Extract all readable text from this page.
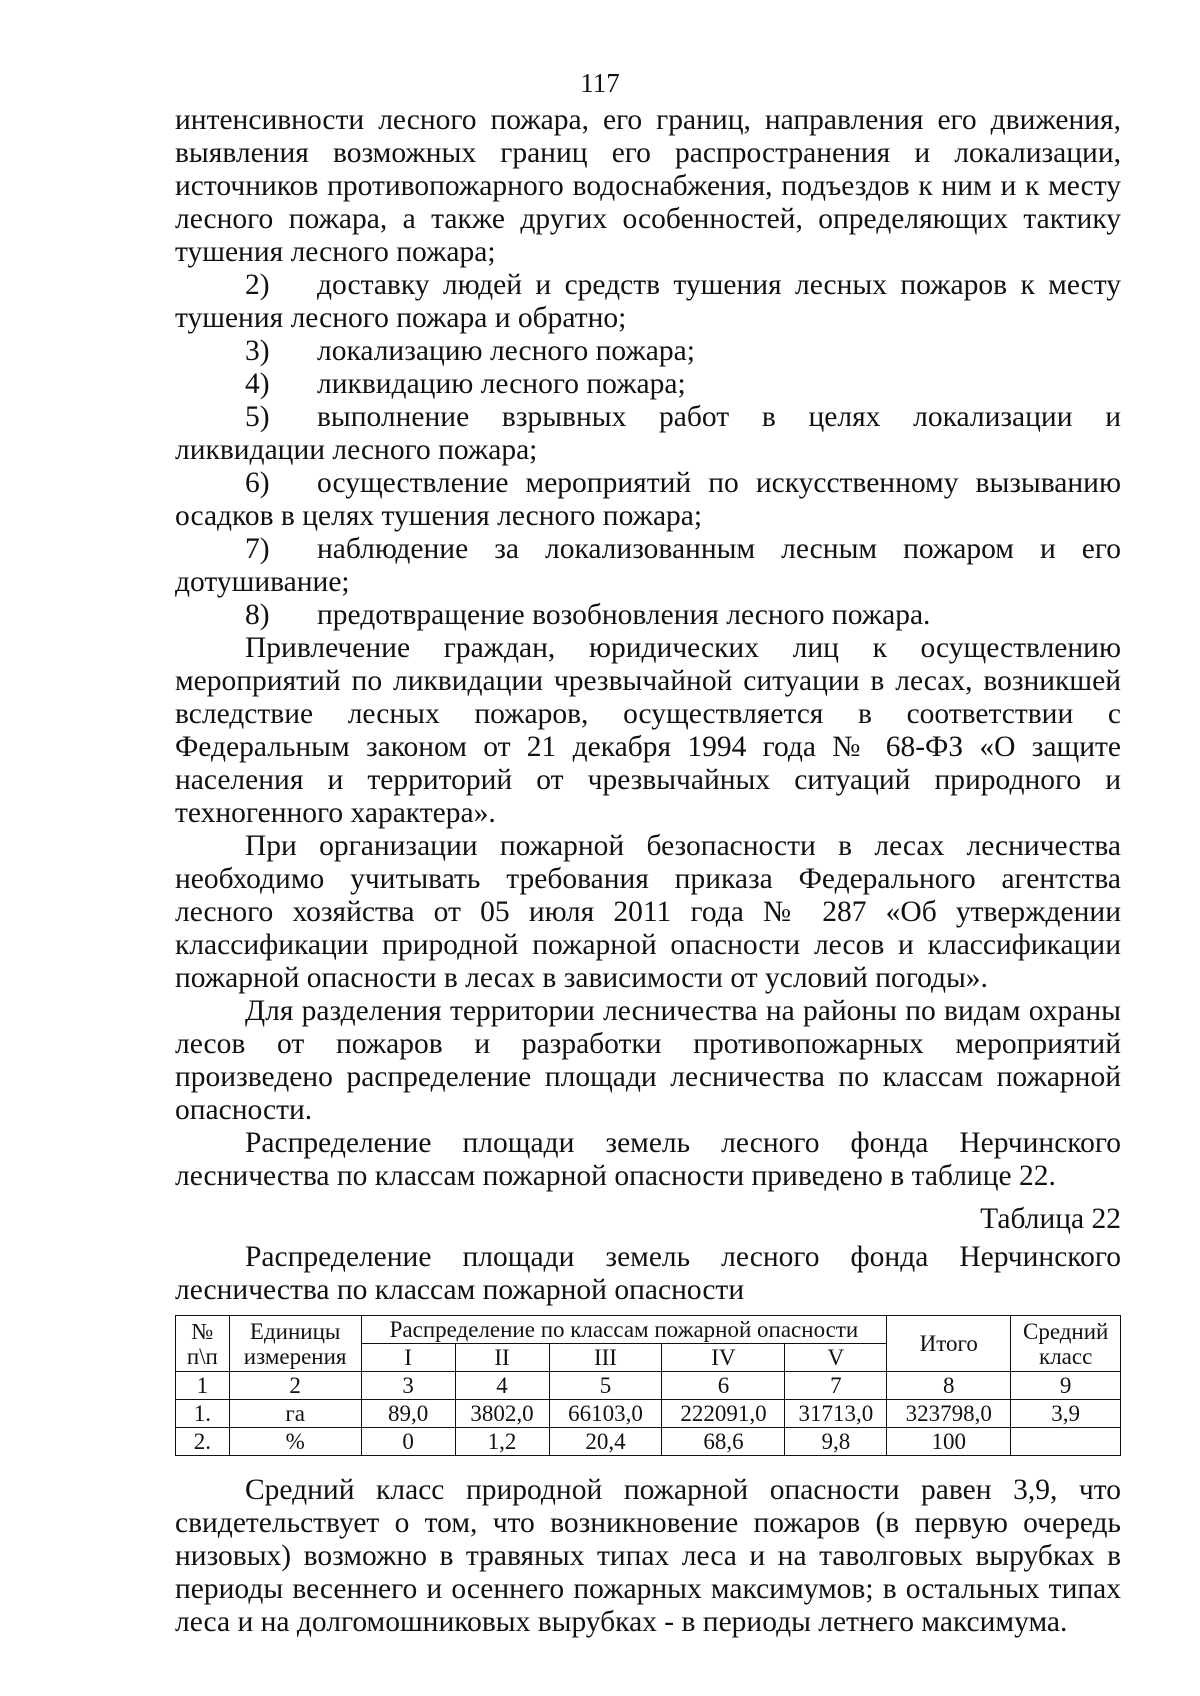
117

интенсивности лесного пожара, его границ, направления его движения, выявления возможных границ его распространения и локализации, источников противопожарного водоснабжения, подъездов к ним и к месту лесного пожара, а также других особенностей, определяющих тактику тушения лесного пожара;

2) доставку людей и средств тушения лесных пожаров к месту тушения лесного пожара и обратно;

3) локализацию лесного пожара;

4) ликвидацию лесного пожара;

5) выполнение взрывных работ в целях локализации и ликвидации лесного пожара;

6) осуществление мероприятий по искусственному вызыванию осадков в целях тушения лесного пожара;

7) наблюдение за локализованным лесным пожаром и его дотушивание;

8) предотвращение возобновления лесного пожара.

Привлечение граждан, юридических лиц к осуществлению мероприятий по ликвидации чрезвычайной ситуации в лесах, возникшей вследствие лесных пожаров, осуществляется в соответствии с Федеральным законом от 21 декабря 1994 года № 68-ФЗ «О защите населения и территорий от чрезвычайных ситуаций природного и техногенного характера».

При организации пожарной безопасности в лесах лесничества необходимо учитывать требования приказа Федерального агентства лесного хозяйства от 05 июля 2011 года № 287 «Об утверждении классификации природной пожарной опасности лесов и классификации пожарной опасности в лесах в зависимости от условий погоды».

Для разделения территории лесничества на районы по видам охраны лесов от пожаров и разработки противопожарных мероприятий произведено распределение площади лесничества по классам пожарной опасности.

Распределение площади земель лесного фонда Нерчинского лесничества по классам пожарной опасности приведено в таблице 22.

Таблица 22

Распределение площади земель лесного фонда Нерчинского лесничества по классам пожарной опасности

№ п\п	Единицы измерения	Распределение по классам пожарной опасности					Итого	Средний класс
		I	II	III	IV	V		
1	2	3	4	5	6	7	8	9
1.	га	89,0	3802,0	66103,0	222091,0	31713,0	323798,0	3,9
2.	%	0	1,2	20,4	68,6	9,8	100	

Средний класс природной пожарной опасности равен 3,9, что свидетельствует о том, что возникновение пожаров (в первую очередь низовых) возможно в травяных типах леса и на таволговых вырубках в периоды весеннего и осеннего пожарных максимумов; в остальных типах леса и на долгомошниковых вырубках - в периоды летнего максимума.
